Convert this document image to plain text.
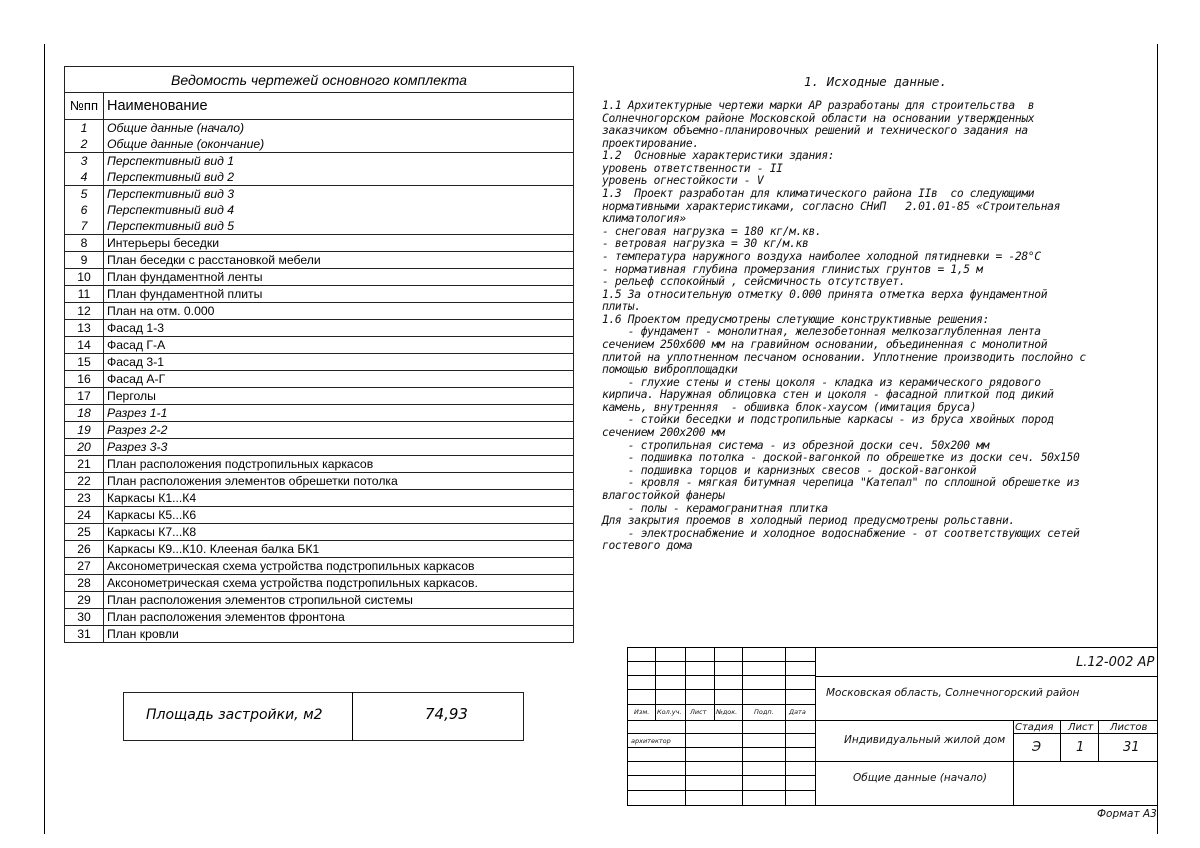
Ведомость чертежей основного комплекта	
№пп	Наименование
1	Общие данные (начало)
2	Общие данные (окончание)
3	Перспективный вид 1
4	Перспективный вид 2
5	Перспективный вид 3
6	Перспективный вид 4
7	Перспективный вид 5
8	Интерьеры беседки
9	План беседки с расстановкой мебели
10	План фундаментной ленты
11	План фундаментной плиты
12	План на отм. 0.000
13	Фасад 1-3
14	Фасад Г-А
15	Фасад 3-1
16	Фасад А-Г
17	Перголы
18	Разрез 1-1
19	Разрез 2-2
20	Разрез 3-3
21	План расположения подстропильных каркасов
22	План расположения элементов обрешетки потолка
23	Каркасы К1...К4
24	Каркасы К5...К6
25	Каркасы К7...К8
26	Каркасы К9...К10. Клееная балка БК1
27	Аксонометрическая схема устройства подстропильных каркасов
28	Аксонометрическая схема устройства подстропильных каркасов.
29	План расположения элементов стропильной системы
30	План расположения элементов фронтона
31	План кровли
Площадь застройки, м2	74,93
1. Исходные данные.
1.1 Архитектурные чертежи марки АР разработаны для строительства  в
Солнечногорском районе Московской области на основании утвержденных
заказчиком объемно-планировочных решений и технического задания на
проектирование.
1.2  Основные характеристики здания:
уровень ответственности - II
уровень огнестойкости - V
1.3  Проект разработан для климатического района IIв  со следующими
нормативными характеристиками, согласно СНиП   2.01.01-85 «Строительная
климатология»
- снеговая нагрузка = 180 кг/м.кв.
- ветровая нагрузка = 30 кг/м.кв
- температура наружного воздуха наиболее холодной пятидневки = -28°С
- нормативная глубина промерзания глинистых грунтов = 1,5 м
- рельеф сспокойный , сейсмичность отсутствует.
1.5 За относительную отметку 0.000 принята отметка верха фундаментной
плиты.
1.6 Проектом предусмотрены слетующие конструктивные решения:
- фундамент - монолитная, железобетонная мелкозаглубленная лента
сечением 250х600 мм на гравийном основании, объединенная с монолитной
плитой на уплотненном песчаном основании. Уплотнение производить послойно с
помощью виброплощадки
- глухие стены и стены цоколя - кладка из керамического рядового
кирпича. Наружная облицовка стен и цоколя - фасадной плиткой под дикий
камень, внутренняя  - обшивка блок-хаусом (имитация бруса)
- стойки беседки и подстропильные каркасы - из бруса хвойных пород
сечением 200х200 мм
- стропильная система - из обрезной доски сеч. 50х200 мм
- подшивка потолка - доской-вагонкой по обрешетке из доски сеч. 50х150
- подшивка торцов и карнизных свесов - доской-вагонкой
- кровля - мягкая битумная черепица "Катепал" по сплошной обрешетке из
влагостойкой фанеры
- полы - керамогранитная плитка
Для закрытия проемов в холодный период предусмотрены рольставни.
- электроснабжение и холодное водоснабжение - от соответствующих сетей
гостевого дома
L.12-002 АР
Московская область, Солнечногорский район
Изм. Кол.уч. Лист №док.	Подп. Дата
архитектор	Индивидуальный жилой дом
Стадия Лист Листов
Э	1	31
Общие данные (начало)
Формат А3
